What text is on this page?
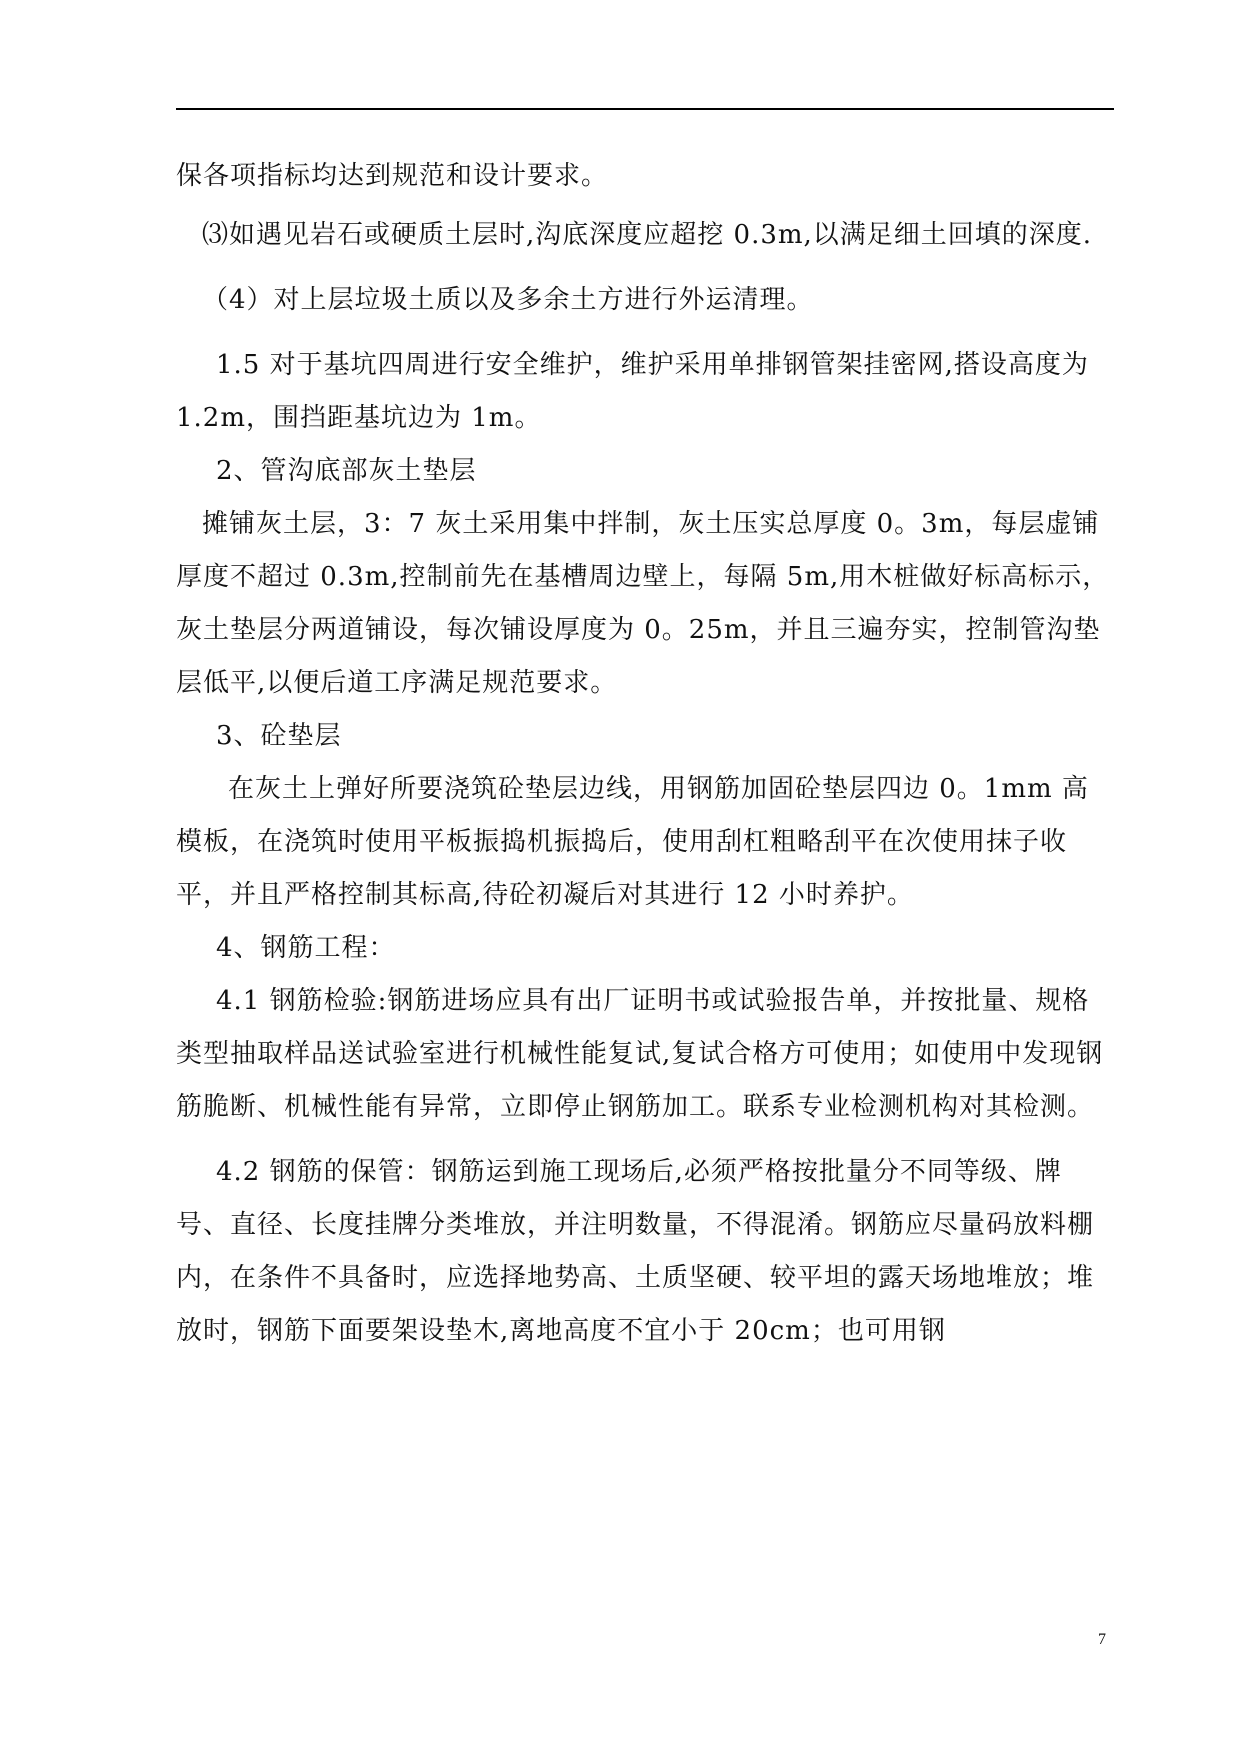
保各项指标均达到规范和设计要求。

⑶如遇见岩石或硬质土层时,沟底深度应超挖 0.3m,以满足细土回填的深度.

（4）对上层垃圾土质以及多余土方进行外运清理。

1.5 对于基坑四周进行安全维护，维护采用单排钢管架挂密网,搭设高度为 1.2m，围挡距基坑边为 1m。

2、管沟底部灰土垫层

摊铺灰土层，3：7 灰土采用集中拌制，灰土压实总厚度 0。3m，每层虚铺厚度不超过 0.3m,控制前先在基槽周边壁上，每隔 5m,用木桩做好标高标示，灰土垫层分两道铺设，每次铺设厚度为 0。25m，并且三遍夯实，控制管沟垫层低平,以便后道工序满足规范要求。

3、砼垫层

在灰土上弹好所要浇筑砼垫层边线，用钢筋加固砼垫层四边 0。1mm 高模板，在浇筑时使用平板振捣机振捣后，使用刮杠粗略刮平在次使用抹子收平，并且严格控制其标高,待砼初凝后对其进行 12 小时养护。

4、钢筋工程：

4.1 钢筋检验:钢筋进场应具有出厂证明书或试验报告单，并按批量、规格类型抽取样品送试验室进行机械性能复试,复试合格方可使用；如使用中发现钢筋脆断、机械性能有异常，立即停止钢筋加工。联系专业检测机构对其检测。

4.2 钢筋的保管：钢筋运到施工现场后,必须严格按批量分不同等级、牌号、直径、长度挂牌分类堆放，并注明数量，不得混淆。钢筋应尽量码放料棚内，在条件不具备时，应选择地势高、土质坚硬、较平坦的露天场地堆放；堆放时，钢筋下面要架设垫木,离地高度不宜小于 20cm；也可用钢

7
